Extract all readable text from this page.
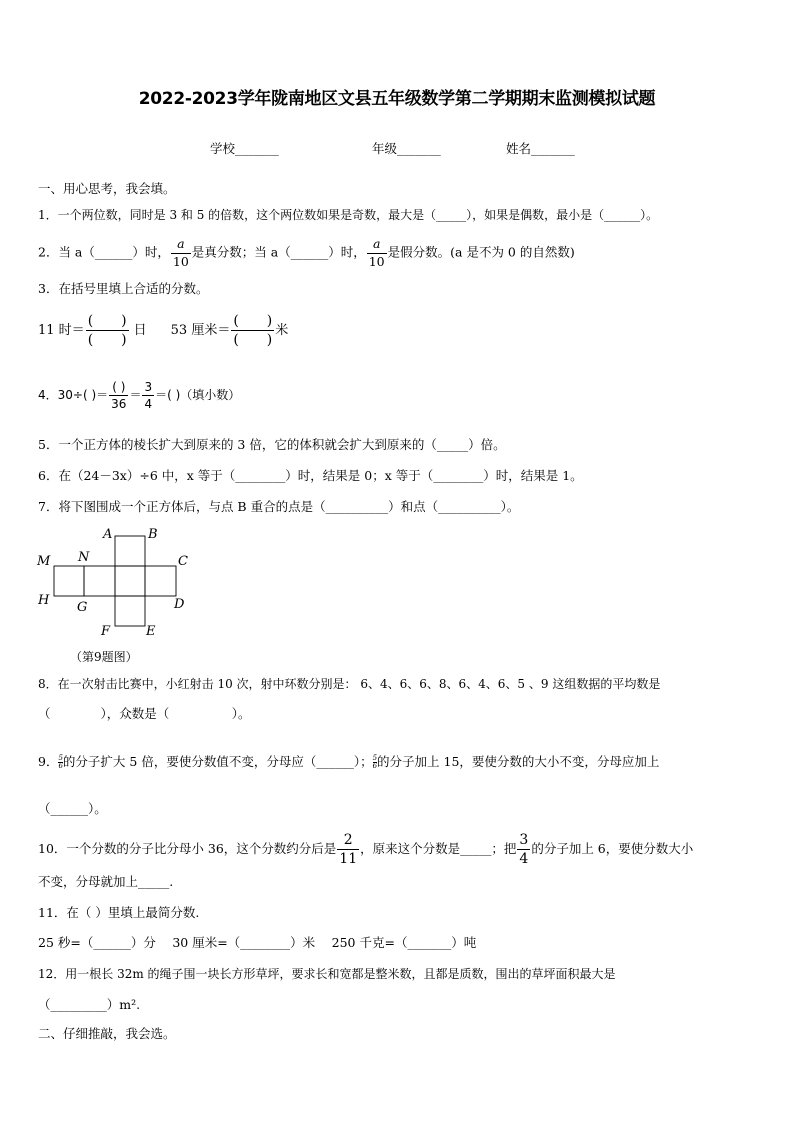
2022-2023学年陇南地区文县五年级数学第二学期期末监测模拟试题
学校_______	年级_______	姓名_______
一、用心思考，我会填。
1．一个两位数，同时是 3 和 5 的倍数，这个两位数如果是奇数，最大是（_____），如果是偶数，最小是（______）。
2．当 a（______）时， $\frac{a}{10}$ 是真分数；当 a（______）时， $\frac{a}{10}$ 是假分数。(a 是不为 0 的自然数)
3．在括号里填上合适的分数。
11 时＝ $\frac{( )}{( )}$ 日 53 厘米＝ $\frac{( )}{( )}$ 米
4．30÷( )＝ $\frac{( )}{36} = \frac{3}{4}$ ＝( )（填小数）
5．一个正方体的棱长扩大到原来的 3 倍，它的体积就会扩大到原来的（_____）倍。
6．在（24－3x）÷6 中，x 等于（________）时，结果是 0；x 等于（________）时，结果是 1。
7．将下图围成一个正方体后，与点 B 重合的点是（__________）和点（__________）。
A	B
M N	C
H G	D
F	E
（第9题图）
8．在一次射击比赛中，小红射击 10 次，射中环数分别是： 6、4、6、6、8、6、4、6、5 、9 这组数据的平均数是
（　　　　），众数是（　　　　　）。
9． $\frac{5}{6}$ 的分子扩大 5 倍，要使分数值不变，分母应（______）； $\frac{5}{6}$ 的分子加上 15，要使分数的大小不变，分母应加上
（______）。
10．一个分数的分子比分母小 36，这个分数约分后是 $\frac{2}{11}$ ，原来这个分数是_____；把 $\frac{3}{4}$ 的分子加上 6，要使分数大小
不变，分母就加上_____.
11．在（ ）里填上最简分数.
25 秒=（______）分　 30 厘米=（________）米　 250 千克=（_______）吨
12．用一根长 32m 的绳子围一块长方形草坪，要求长和宽都是整米数，且都是质数，围出的草坪面积最大是
（_________）m².
二、仔细推敲，我会选。
